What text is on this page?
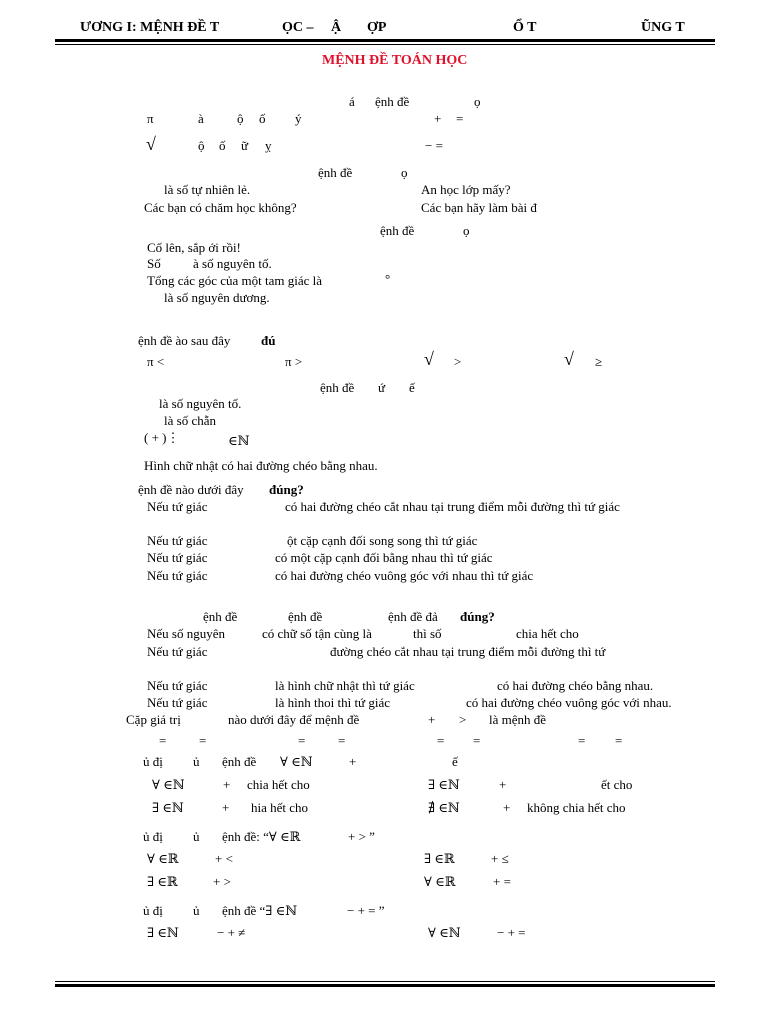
ƯƠNG I: MỆNH ĐỀ T	ỌC – Ậ ỢP	Ổ T	ŨNG T
MỆNH ĐỀ TOÁN HỌC
á ệnh đề	ọ
π	à	ộ ố ý	+ =
√	ộ ố ữ ỵ	− =
ệnh đề	ọ
là số tự nhiên lẻ.	An học lớp mấy?
Các bạn có chăm học không?	Các bạn hãy làm bài đ
ệnh đề	ọ
Cố lên, sắp ới rồi!
Số à số nguyên tố.
Tổng các góc của một tam giác là	°
là số nguyên dương.
ệnh đề ào sau đây đú
π <	π >	√ >	√ ≥
ệnh đề ứ ế
là số nguyên tố.
là số chẵn
( + )⋮	∈ℕ
Hình chữ nhật có hai đường chéo bằng nhau.
ệnh đề nào dưới đây đúng?
Nếu tứ giác	có hai đường chéo cắt nhau tại trung điểm mỗi đường thì tứ giác
Nếu tứ giác	ột cặp cạnh đối song song thì tứ giác
Nếu tứ giác	có một cặp cạnh đối bằng nhau thì tứ giác
Nếu tứ giác	có hai đường chéo vuông góc với nhau thì tứ giác
ệnh đề	ệnh đề	ệnh đề đả đúng?
Nếu số nguyên	có chữ số tận cùng là	thì số	chia hết cho
Nếu tứ giác	đường chéo cắt nhau tại trung điểm mỗi đường thì tứ
Nếu tứ giác	là hình chữ nhật thì tứ giác	có hai đường chéo bằng nhau.
Nếu tứ giác	là hình thoi thì tứ giác	có hai đường chéo vuông góc với nhau.
Cặp giá trị	nào dưới đây để mệnh đề	+ > là mệnh đề
=	=	=	=	= =	= =
ủ đị ủ ệnh đề ∀ ∈ℕ	+	ế
∀ ∈ℕ	+ chia hết cho	∃ ∈ℕ	+	ết cho
∃ ∈ℕ	+ hia hết cho	∄ ∈ℕ	+ không chia hết cho
ủ đị ủ ệnh đề: “∀ ∈ℝ	+ > ”
∀ ∈ℝ	+ <	∃ ∈ℝ	+ ≤
∃ ∈ℝ	+ >	∀ ∈ℝ	+ =
ủ đị ủ ệnh đề “∃ ∈ℕ	− + = ”
∃ ∈ℕ	− + ≠	∀ ∈ℕ	− + =
